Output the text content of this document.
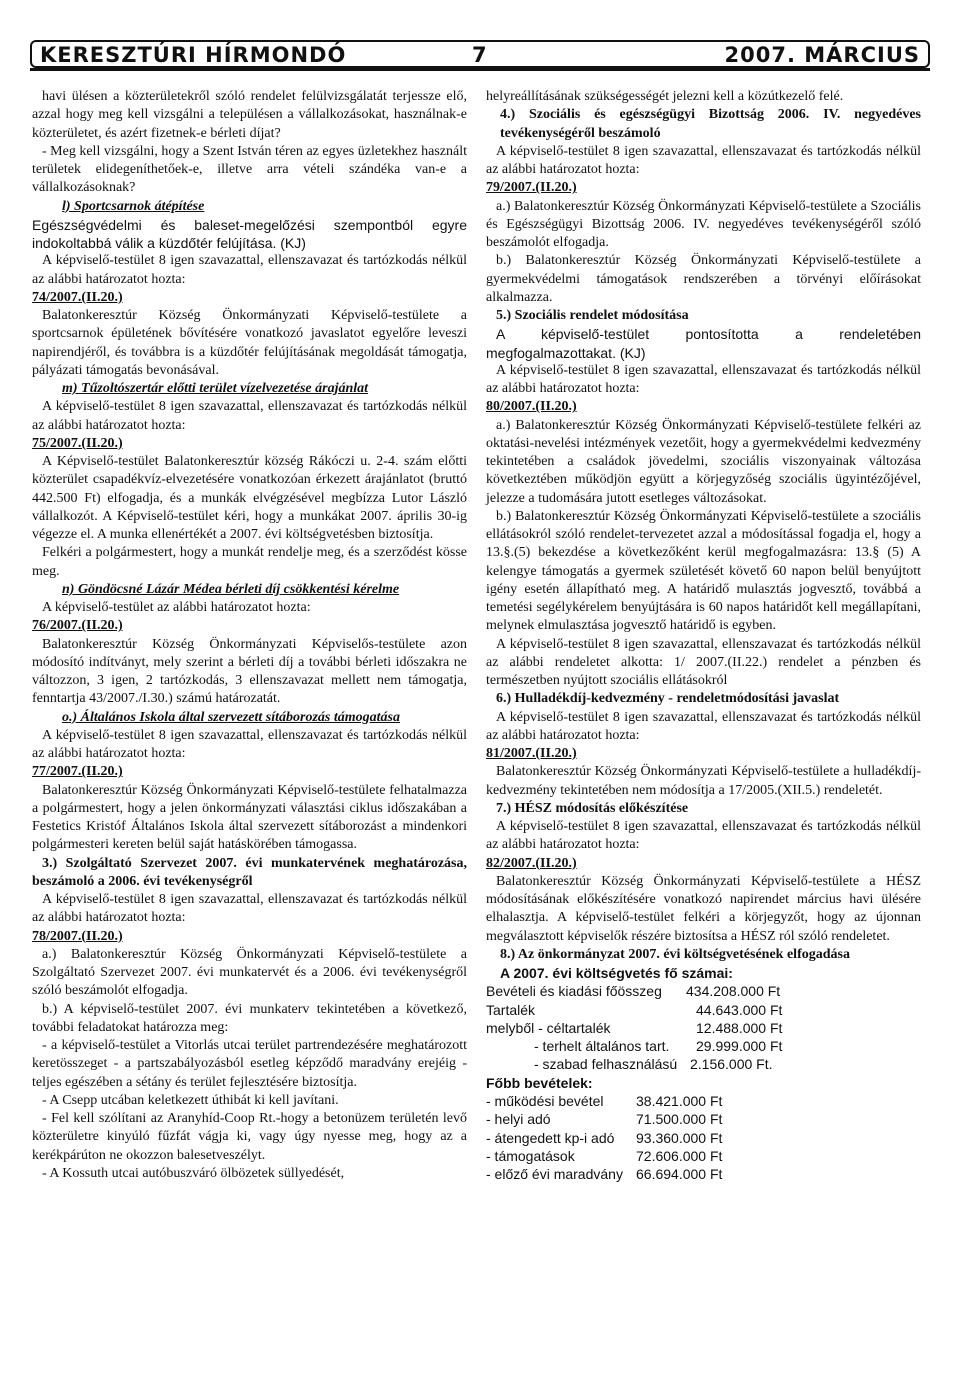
KERESZTÚRI HÍRMONDÓ	7	2007. MÁRCIUS

havi ülésen a közterületekről szóló rendelet felülvizsgálatát terjessze elő, azzal hogy meg kell vizsgálni a településen a vállalkozásokat, használnak-e közterületet, és azért fizetnek-e bérleti díjat?

- Meg kell vizsgálni, hogy a Szent István téren az egyes üzletekhez használt területek elidegeníthetőek-e, illetve arra vételi szándéka van-e a vállalkozásoknak?

l) Sportcsarnok átépítése

Egészségvédelmi és baleset-megelőzési szempontból egyre indokoltabbá válik a küzdőtér felújítása. (KJ)

A képviselő-testület 8 igen szavazattal, ellenszavazat és tartózkodás nélkül az alábbi határozatot hozta:

74/2007.(II.20.)

Balatonkeresztúr Község Önkormányzati Képviselő-testülete a sportcsarnok épületének bővítésére vonatkozó javaslatot egyelőre leveszi napirendjéről, és továbbra is a küzdőtér felújításának megoldását támogatja, pályázati támogatás bevonásával.

m) Tűzoltószertár előtti terület vízelvezetése árajánlat

A képviselő-testület 8 igen szavazattal, ellenszavazat és tartózkodás nélkül az alábbi határozatot hozta:

75/2007.(II.20.)

A Képviselő-testület Balatonkeresztúr község Rákóczi u. 2-4. szám előtti közterület csapadékvíz-elvezetésére vonatkozóan érkezett árajánlatot (bruttó 442.500 Ft) elfogadja, és a munkák elvégzésével megbízza Lutor László vállalkozót. A Képviselő-testület kéri, hogy a munkákat 2007. április 30-ig végezze el. A munka ellenértékét a 2007. évi költségvetésben biztosítja.

Felkéri a polgármestert, hogy a munkát rendelje meg, és a szerződést kösse meg.

n) Göndöcsné Lázár Médea bérleti díj csökkentési kérelme

A képviselő-testület az alábbi határozatot hozta:

76/2007.(II.20.)

Balatonkeresztúr Község Önkormányzati Képviselős-testülete azon módosító indítványt, mely szerint a bérleti díj a további bérleti időszakra ne változzon, 3 igen, 2 tartózkodás, 3 ellenszavazat mellett nem támogatja, fenntartja 43/2007./I.30.) számú határozatát.

o.) Általános Iskola által szervezett sítáborozás támogatása

A képviselő-testület 8 igen szavazattal, ellenszavazat és tartózkodás nélkül az alábbi határozatot hozta:

77/2007.(II.20.)

Balatonkeresztúr Község Önkormányzati Képviselő-testülete felhatalmazza a polgármestert, hogy a jelen önkormányzati választási ciklus időszakában a Festetics Kristóf Általános Iskola által szervezett sítáborozást a mindenkori polgármesteri kereten belül saját hatáskörében támogassa.

3.) Szolgáltató Szervezet 2007. évi munkatervének meghatározása, beszámoló a 2006. évi tevékenységről

A képviselő-testület 8 igen szavazattal, ellenszavazat és tartózkodás nélkül az alábbi határozatot hozta:

78/2007.(II.20.)

a.) Balatonkeresztúr Község Önkormányzati Képviselő-testülete a Szolgáltató Szervezet 2007. évi munkatervét és a 2006. évi tevékenységről szóló beszámolót elfogadja.

b.) A képviselő-testület 2007. évi munkaterv tekintetében a következő, további feladatokat határozza meg:

- a képviselő-testület a Vitorlás utcai terület partrendezésére meghatározott keretösszeget - a partszabályozásból esetleg képződő maradvány erejéig - teljes egészében a sétány és terület fejlesztésére biztosítja.

- A Csepp utcában keletkezett úthibát ki kell javítani.

- Fel kell szólítani az Aranyhíd-Coop Rt.-hogy a betonüzem területén levő közterületre kinyúló fűzfát vágja ki, vagy úgy nyesse meg, hogy az a kerékpárúton ne okozzon balesetveszélyt.

- A Kossuth utcai autóbuszváró ölbözetek süllyedését,

helyreállításának szükségességét jelezni kell a közútkezelő felé.

4.) Szociális és egészségügyi Bizottság 2006. IV. negyedéves tevékenységéről beszámoló

A képviselő-testület 8 igen szavazattal, ellenszavazat és tartózkodás nélkül az alábbi határozatot hozta:

79/2007.(II.20.)

a.) Balatonkeresztúr Község Önkormányzati Képviselő-testülete a Szociális és Egészségügyi Bizottság 2006. IV. negyedéves tevékenységéről szóló beszámolót elfogadja.

b.) Balatonkeresztúr Község Önkormányzati Képviselő-testülete a gyermekvédelmi támogatások rendszerében a törvényi előírásokat alkalmazza.

5.) Szociális rendelet módosítása

A képviselő-testület pontosította a rendeletében

megfogalmazottakat. (KJ)

A képviselő-testület 8 igen szavazattal, ellenszavazat és tartózkodás nélkül az alábbi határozatot hozta:

80/2007.(II.20.)

a.) Balatonkeresztúr Község Önkormányzati Képviselő-testülete felkéri az oktatási-nevelési intézmények vezetőit, hogy a gyermekvédelmi kedvezmény tekintetében a családok jövedelmi, szociális viszonyainak változása következtében működjön együtt a körjegyzőség szociális ügyintézőjével, jelezze a tudomására jutott esetleges változásokat.

b.) Balatonkeresztúr Község Önkormányzati Képviselő-testülete a szociális ellátásokról szóló rendelet-tervezetet azzal a módosítással fogadja el, hogy a 13.§.(5) bekezdése a következőként kerül megfogalmazásra: 13.§ (5) A kelengye támogatás a gyermek születését követő 60 napon belül benyújtott igény esetén állapítható meg. A határidő mulasztás jogvesztő, továbbá a temetési segélykérelem benyújtására is 60 napos határidőt kell megállapítani, melynek elmulasztása jogvesztő határidő is egyben.

A képviselő-testület 8 igen szavazattal, ellenszavazat és tartózkodás nélkül az alábbi rendeletet alkotta: 1/ 2007.(II.22.) rendelet a pénzben és természetben nyújtott szociális ellátásokról

6.) Hulladékdíj-kedvezmény - rendeletmódosítási javaslat

A képviselő-testület 8 igen szavazattal, ellenszavazat és tartózkodás nélkül az alábbi határozatot hozta:

81/2007.(II.20.)

Balatonkeresztúr Község Önkormányzati Képviselő-testülete a hulladékdíj-kedvezmény tekintetében nem módosítja a 17/2005.(XII.5.) rendeletét.

7.) HÉSZ módosítás előkészítése

A képviselő-testület 8 igen szavazattal, ellenszavazat és tartózkodás nélkül az alábbi határozatot hozta:

82/2007.(II.20.)

Balatonkeresztúr Község Önkormányzati Képviselő-testülete a HÉSZ módosításának előkészítésére vonatkozó napirendet március havi ülésére elhalasztja. A képviselő-testület felkéri a körjegyzőt, hogy az újonnan megválasztott képviselők részére biztosítsa a HÉSZ ról szóló rendeletet.

8.) Az önkormányzat 2007. évi költségvetésének elfogadása

A 2007. évi költségvetés fő számai:

Bevételi és kiadási főösszeg	434.208.000 Ft
Tartalék	44.643.000 Ft
melyből - céltartalék	12.488.000 Ft
- terhelt általános tart.	29.999.000 Ft
- szabad felhasználású 2.156.000 Ft.

Főbb bevételek:

- működési bevétel	38.421.000 Ft
- helyi adó	71.500.000 Ft
- átengedett kp-i adó	93.360.000 Ft
- támogatások	72.606.000 Ft
- előző évi maradvány 66.694.000 Ft
